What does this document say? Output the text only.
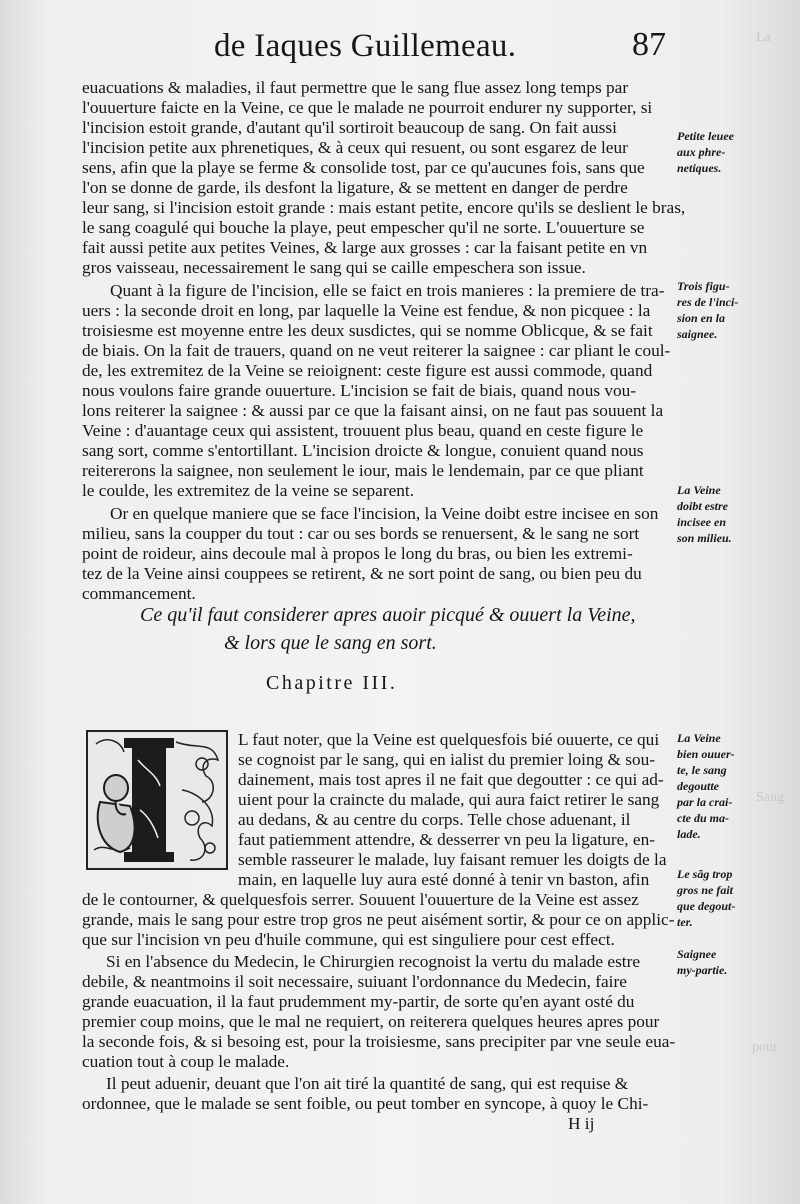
La
Sang
pour
de Iaques Guillemeau.	87
euacuations & maladies, il faut permettre que le sang flue assez long temps par
l'ouuerture faicte en la Veine, ce que le malade ne pourroit endurer ny supporter, si
l'incision estoit grande, d'autant qu'il sortiroit beaucoup de sang. On fait aussi
l'incision petite aux phrenetiques, & à ceux qui resuent, ou sont esgarez de leur
sens, afin que la playe se ferme & consolide tost, par ce qu'aucunes fois, sans que
l'on se donne de garde, ils desfont la ligature, & se mettent en danger de perdre
leur sang, si l'incision estoit grande : mais estant petite, encore qu'ils se deslient le bras,
le sang coagulé qui bouche la playe, peut empescher qu'il ne sorte. L'ouuerture se
fait aussi petite aux petites Veines, & large aux grosses : car la faisant petite en vn
gros vaisseau, necessairement le sang qui se caille empeschera son issue.
Quant à la figure de l'incision, elle se faict en trois manieres : la premiere de tra-
uers : la seconde droit en long, par laquelle la Veine est fendue, & non picquee : la
troisiesme est moyenne entre les deux susdictes, qui se nomme Oblicque, & se fait
de biais. On la fait de trauers, quand on ne veut reiterer la saignee : car pliant le coul-
de, les extremitez de la Veine se reioignent: ceste figure est aussi commode, quand
nous voulons faire grande ouuerture. L'incision se fait de biais, quand nous vou-
lons reiterer la saignee : & aussi par ce que la faisant ainsi, on ne faut pas souuent la
Veine : d'auantage ceux qui assistent, trouuent plus beau, quand en ceste figure le
sang sort, comme s'entortillant. L'incision droicte & longue, conuient quand nous
reitererons la saignee, non seulement le iour, mais le lendemain, par ce que pliant
le coulde, les extremitez de la veine se separent.
Or en quelque maniere que se face l'incision, la Veine doibt estre incisee en son
milieu, sans la coupper du tout : car ou ses bords se renuersent, & le sang ne sort
point de roideur, ains decoule mal à propos le long du bras, ou bien les extremi-
tez de la Veine ainsi couppees se retirent, & ne sort point de sang, ou bien peu du
commancement.
Ce qu'il faut considerer apres auoir picqué & ouuert la Veine,
& lors que le sang en sort.
Chapitre III.
L faut noter, que la Veine est quelquesfois bié ouuerte, ce qui
se cognoist par le sang, qui en ialist du premier loing & sou-
dainement, mais tost apres il ne fait que degoutter : ce qui ad-
uient pour la craincte du malade, qui aura faict retirer le sang
au dedans, & au centre du corps. Telle chose aduenant, il
faut patiemment attendre, & desserrer vn peu la ligature, en-
semble rasseurer le malade, luy faisant remuer les doigts de la
main, en laquelle luy aura esté donné à tenir vn baston, afin
de le contourner, & quelquesfois serrer. Souuent l'ouuerture de la Veine est assez
grande, mais le sang pour estre trop gros ne peut aisément sortir, & pour ce on applic-
que sur l'incision vn peu d'huile commune, qui est singuliere pour cest effect.
Si en l'absence du Medecin, le Chirurgien recognoist la vertu du malade estre
debile, & neantmoins il soit necessaire, suiuant l'ordonnance du Medecin, faire
grande euacuation, il la faut prudemment my-partir, de sorte qu'en ayant osté du
premier coup moins, que le mal ne requiert, on reiterera quelques heures apres pour
la seconde fois, & si besoing est, pour la troisiesme, sans precipiter par vne seule eua-
cuation tout à coup le malade.
Il peut aduenir, deuant que l'on ait tiré la quantité de sang, qui est requise &
ordonnee, que le malade se sent foible, ou peut tomber en syncope, à quoy le Chi-
H ij
Petite leuee
aux phre-
netiques.
Trois figu-
res de l'inci-
sion en la
saignee.
La Veine
doibt estre
incisee en
son milieu.
La Veine
bien ouuer-
te, le sang
degoutte
par la crai-
cte du ma-
lade.
Le sãg trop
gros ne fait
que degout-
ter.
Saignee
my-partie.
